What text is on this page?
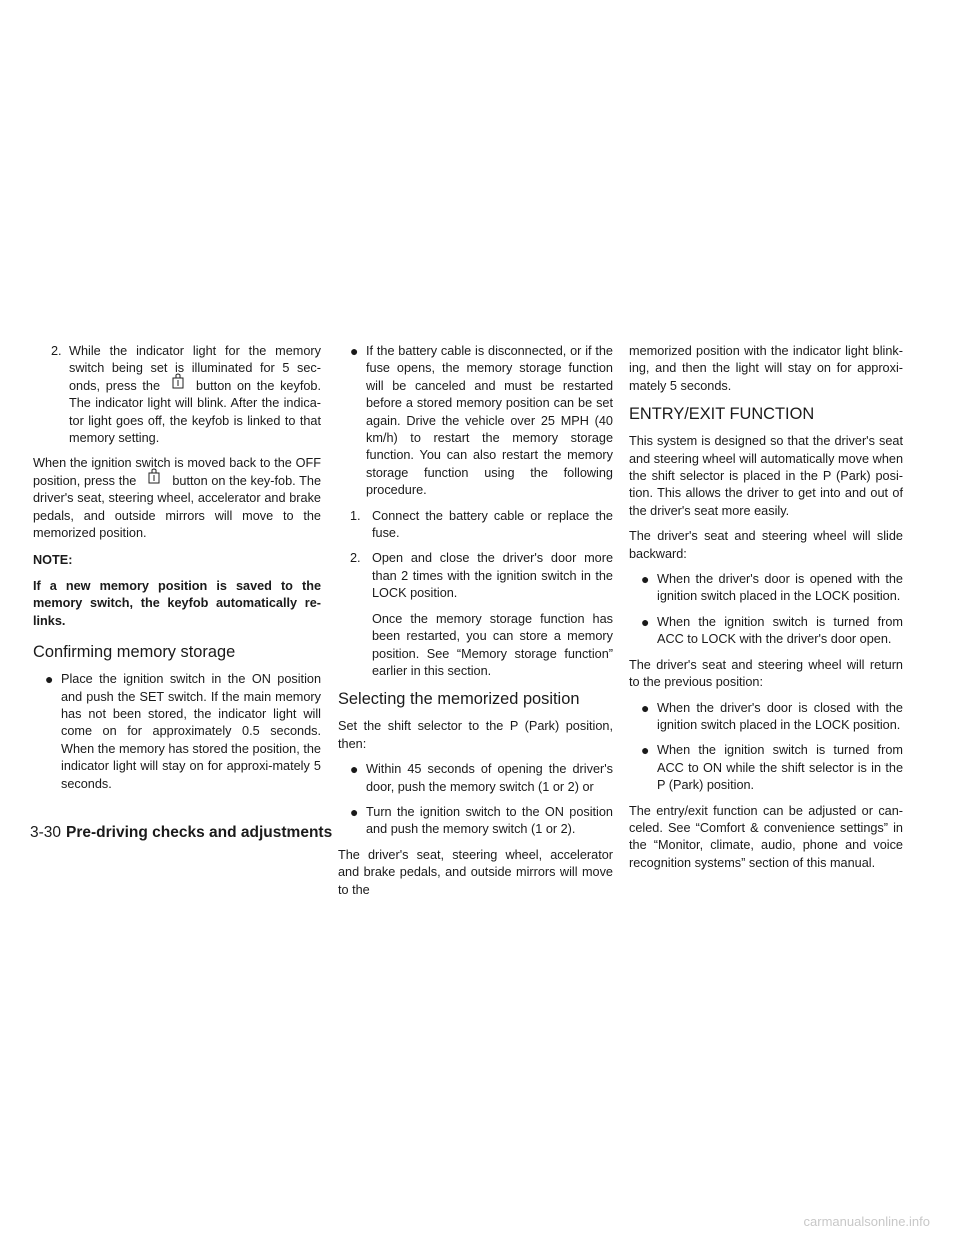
2. While the indicator light for the memory switch being set is illuminated for 5 sec-onds, press the	button on the keyfob. The indicator light will blink. After the indica-tor light goes off, the keyfob is linked to that memory setting.

When the ignition switch is moved back to the OFF position, press the	button on the key-fob. The driver's seat, steering wheel, accelerator and brake pedals, and outside mirrors will move to the memorized position.

NOTE:
If a new memory position is saved to the memory switch, the keyfob automatically re-links.
Confirming memory storage
● Place the ignition switch in the ON position and push the SET switch. If the main memory has not been stored, the indicator light will come on for approximately 0.5 seconds. When the memory has stored the position, the indicator light will stay on for approxi-mately 5 seconds.
● If the battery cable is disconnected, or if the fuse opens, the memory storage function will be canceled and must be restarted before a stored memory position can be set again. Drive the vehicle over 25 MPH (40 km/h) to restart the memory storage function. You can also restart the memory storage function using the following procedure.
1. Connect the battery cable or replace the fuse.
2. Open and close the driver's door more than 2 times with the ignition switch in the LOCK position.

Once the memory storage function has been restarted, you can store a memory position. See “Memory storage function” earlier in this section.

Selecting the memorized position

Set the shift selector to the P (Park) position, then:

● Within 45 seconds of opening the driver's door, push the memory switch (1 or 2) or
● Turn the ignition switch to the ON position and push the memory switch (1 or 2).

The driver's seat, steering wheel, accelerator and brake pedals, and outside mirrors will move to the

memorized position with the indicator light blink-ing, and then the light will stay on for approxi-mately 5 seconds.

ENTRY/EXIT FUNCTION

This system is designed so that the driver's seat and steering wheel will automatically move when the shift selector is placed in the P (Park) posi-tion. This allows the driver to get into and out of the driver's seat more easily.

The driver's seat and steering wheel will slide backward:

● When the driver's door is opened with the ignition switch placed in the LOCK position.
● When the ignition switch is turned from ACC to LOCK with the driver's door open.

The driver's seat and steering wheel will return to the previous position:

● When the driver's door is closed with the ignition switch placed in the LOCK position.
● When the ignition switch is turned from ACC to ON while the shift selector is in the P (Park) position.

The entry/exit function can be adjusted or can-celed. See “Comfort & convenience settings” in the “Monitor, climate, audio, phone and voice recognition systems” section of this manual.

3-30 Pre-driving checks and adjustments
carmanualsonline.info
